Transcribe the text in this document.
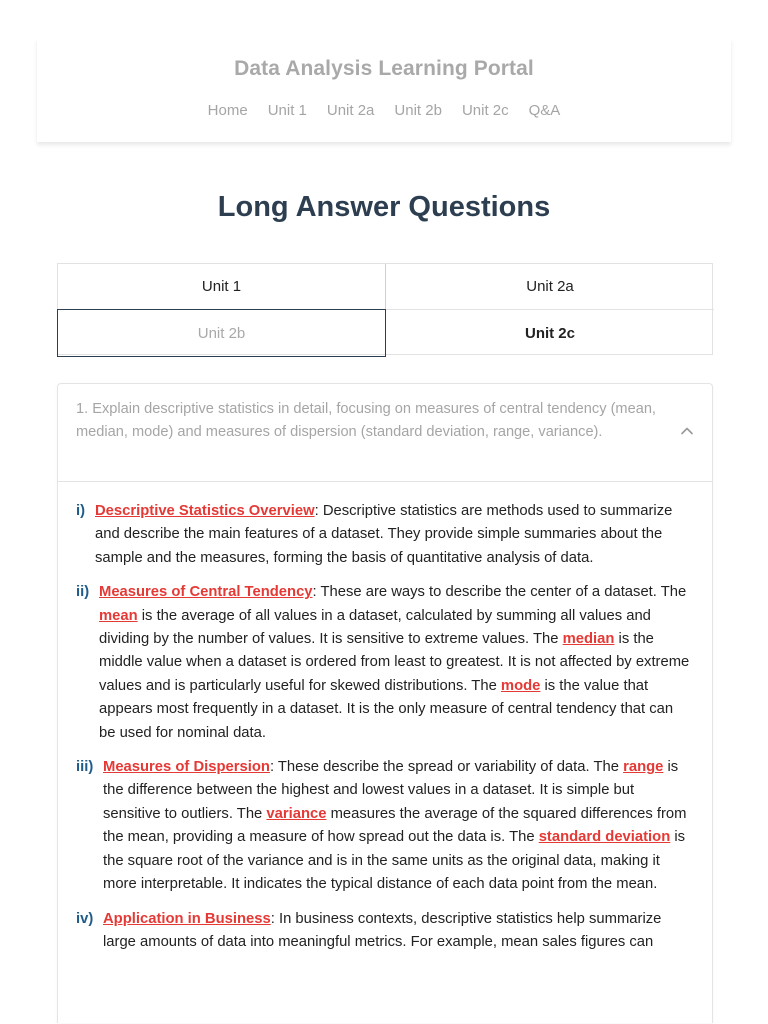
Data Analysis Learning Portal
Home Unit 1 Unit 2a Unit 2b Unit 2c Q&A
Long Answer Questions
Unit 1	Unit 2a
Unit 2b	Unit 2c
1. Explain descriptive statistics in detail, focusing on measures of central tendency (mean, median, mode) and measures of dispersion (standard deviation, range, variance).
i) Descriptive Statistics Overview: Descriptive statistics are methods used to summarize and describe the main features of a dataset. They provide simple summaries about the sample and the measures, forming the basis of quantitative analysis of data.
ii) Measures of Central Tendency: These are ways to describe the center of a dataset. The mean is the average of all values in a dataset, calculated by summing all values and dividing by the number of values. It is sensitive to extreme values. The median is the middle value when a dataset is ordered from least to greatest. It is not affected by extreme values and is particularly useful for skewed distributions. The mode is the value that appears most frequently in a dataset. It is the only measure of central tendency that can be used for nominal data.
iii) Measures of Dispersion: These describe the spread or variability of data. The range is the difference between the highest and lowest values in a dataset. It is simple but sensitive to outliers. The variance measures the average of the squared differences from the mean, providing a measure of how spread out the data is. The standard deviation is the square root of the variance and is in the same units as the original data, making it more interpretable. It indicates the typical distance of each data point from the mean.
iv) Application in Business: In business contexts, descriptive statistics help summarize large amounts of data into meaningful metrics. For example, mean sales figures can
